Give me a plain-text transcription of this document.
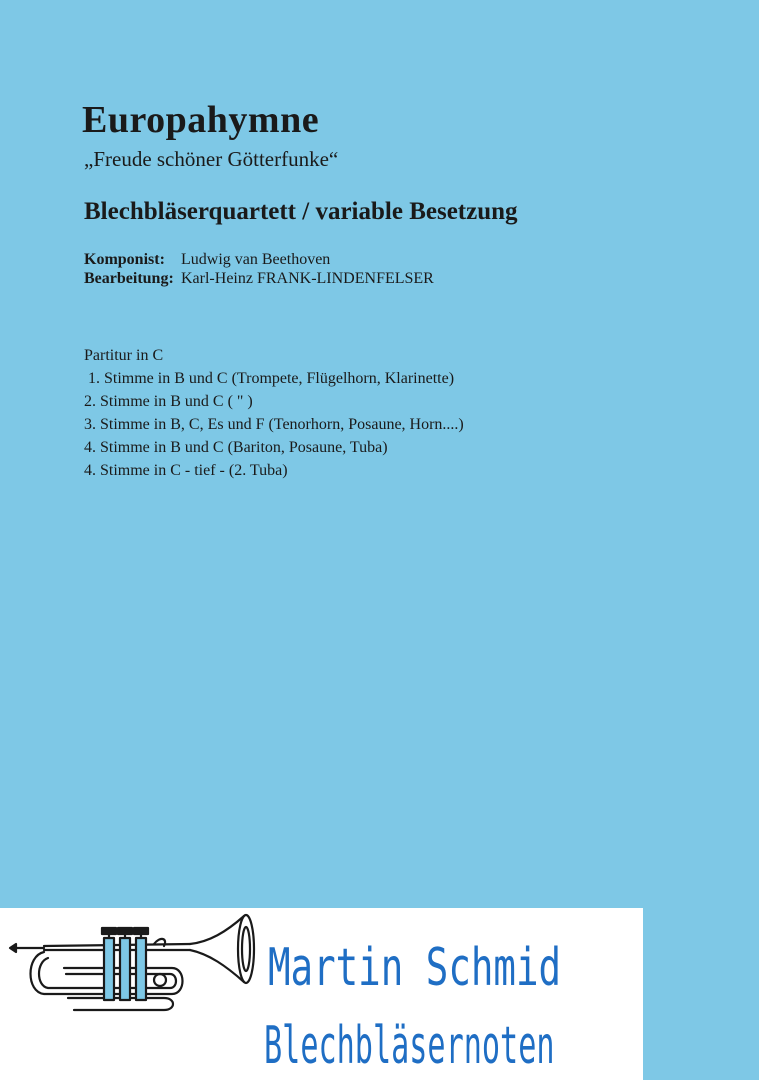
Europahymne
„Freude schöner Götterfunke“
Blechbläserquartett / variable Besetzung
Komponist:	Ludwig van Beethoven
Bearbeitung: Karl-Heinz FRANK-LINDENFELSER
Partitur in C
1. Stimme in B und C (Trompete, Flügelhorn, Klarinette)
2. Stimme in B und C ( " )
3. Stimme in B, C, Es und F (Tenorhorn, Posaune, Horn....)
4. Stimme in B und C (Bariton, Posaune, Tuba)
4. Stimme in C - tief - (2. Tuba)
Martin Schmid
Blechbläsernoten
